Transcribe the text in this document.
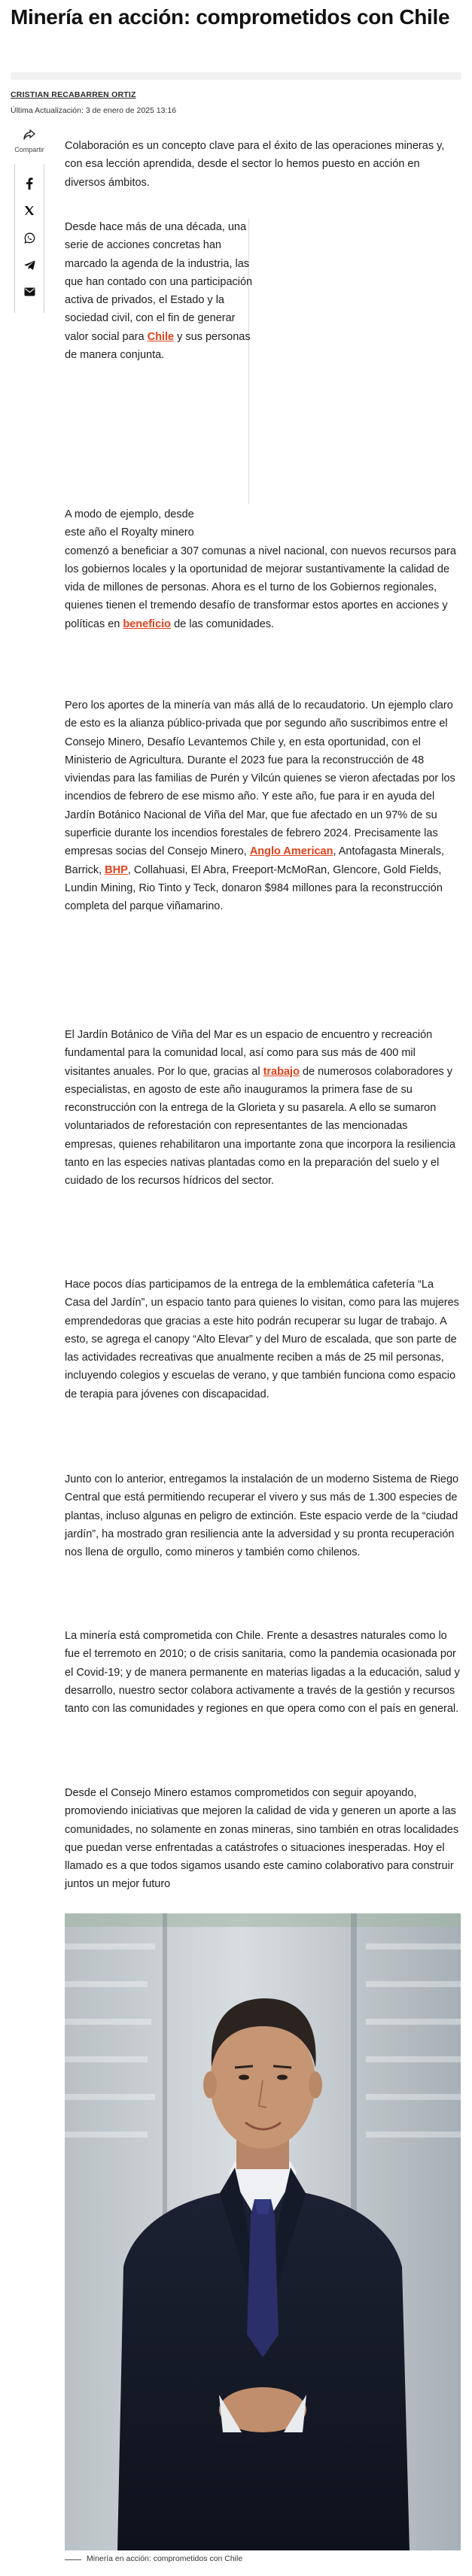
Minería en acción: comprometidos con Chile
CRISTIAN RECABARREN ORTIZ
Última Actualización: 3 de enero de 2025 13:16
Compartir Colaboración es un concepto clave para el éxito de las operaciones mineras y, con esa lección aprendida, desde el sector lo hemos puesto en acción en diversos ámbitos.

Desde hace más de una década, una serie de acciones concretas han marcado la agenda de la industria, las que han contado con una participación activa de privados, el Estado y la sociedad civil, con el fin de generar valor social para Chile y sus personas de manera conjunta.

A modo de ejemplo, desde
este año el Royalty minero
comenzó a beneficiar a 307 comunas a nivel nacional, con nuevos recursos para los gobiernos locales y la oportunidad de mejorar sustantivamente la calidad de vida de millones de personas. Ahora es el turno de los Gobiernos regionales, quienes tienen el tremendo desafío de transformar estos aportes en acciones y políticas en beneficio de las comunidades.

Pero los aportes de la minería van más allá de lo recaudatorio. Un ejemplo claro de esto es la alianza público-privada que por segundo año suscribimos entre el Consejo Minero, Desafío Levantemos Chile y, en esta oportunidad, con el Ministerio de Agricultura. Durante el 2023 fue para la reconstrucción de 48 viviendas para las familias de Purén y Vilcún quienes se vieron afectadas por los incendios de febrero de ese mismo año. Y este año, fue para ir en ayuda del Jardín Botánico Nacional de Viña del Mar, que fue afectado en un 97% de su superficie durante los incendios forestales de febrero 2024. Precisamente las empresas socias del Consejo Minero, Anglo American, Antofagasta Minerals, Barrick, BHP, Collahuasi, El Abra, Freeport-McMoRan, Glencore, Gold Fields, Lundin Mining, Rio Tinto y Teck, donaron $984 millones para la reconstrucción completa del parque viñamarino.

El Jardín Botánico de Viña del Mar es un espacio de encuentro y recreación fundamental para la comunidad local, así como para sus más de 400 mil visitantes anuales. Por lo que, gracias al trabajo de numerosos colaboradores y especialistas, en agosto de este año inauguramos la primera fase de su reconstrucción con la entrega de la Glorieta y su pasarela. A ello se sumaron voluntariados de reforestación con representantes de las mencionadas empresas, quienes rehabilitaron una importante zona que incorpora la resiliencia tanto en las especies nativas plantadas como en la preparación del suelo y el cuidado de los recursos hídricos del sector.

Hace pocos días participamos de la entrega de la emblemática cafetería “La Casa del Jardín”, un espacio tanto para quienes lo visitan, como para las mujeres emprendedoras que gracias a este hito podrán recuperar su lugar de trabajo. A esto, se agrega el canopy “Alto Elevar” y del Muro de escalada, que son parte de las actividades recreativas que anualmente reciben a más de 25 mil personas, incluyendo colegios y escuelas de verano, y que también funciona como espacio de terapia para jóvenes con discapacidad.

Junto con lo anterior, entregamos la instalación de un moderno Sistema de Riego Central que está permitiendo recuperar el vivero y sus más de 1.300 especies de plantas, incluso algunas en peligro de extinción. Este espacio verde de la “ciudad jardín”, ha mostrado gran resiliencia ante la adversidad y su pronta recuperación nos llena de orgullo, como mineros y también como chilenos.

La minería está comprometida con Chile. Frente a desastres naturales como lo fue el terremoto en 2010; o de crisis sanitaria, como la pandemia ocasionada por el Covid-19; y de manera permanente en materias ligadas a la educación, salud y desarrollo, nuestro sector colabora activamente a través de la gestión y recursos tanto con las comunidades y regiones en que opera como con el país en general.

Desde el Consejo Minero estamos comprometidos con seguir apoyando, promoviendo iniciativas que mejoren la calidad de vida y generen un aporte a las comunidades, no solamente en zonas mineras, sino también en otras localidades que puedan verse enfrentadas a catástrofes o situaciones inesperadas. Hoy el llamado es a que todos sigamos usando este camino colaborativo para construir juntos un mejor futuro

Minería en acción: comprometidos con Chile
